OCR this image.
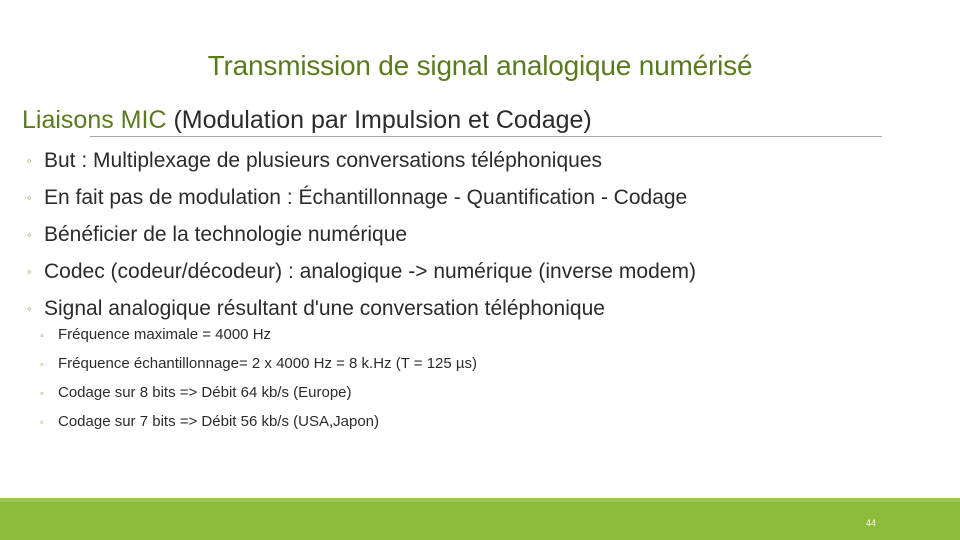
Transmission de signal analogique numérisé
Liaisons MIC (Modulation par Impulsion et Codage)
◦ But : Multiplexage de plusieurs conversations téléphoniques
◦ En fait pas de modulation : Échantillonnage - Quantification - Codage
◦ Bénéficier de la technologie numérique
◦ Codec (codeur/décodeur) : analogique -> numérique (inverse modem)
◦ Signal analogique résultant d'une conversation téléphonique
◦ Fréquence maximale = 4000 Hz
◦ Fréquence échantillonnage= 2 x 4000 Hz = 8 k.Hz (T = 125 µs)
◦ Codage sur 8 bits => Débit 64 kb/s (Europe)
◦ Codage sur 7 bits => Débit 56 kb/s (USA,Japon)
44
